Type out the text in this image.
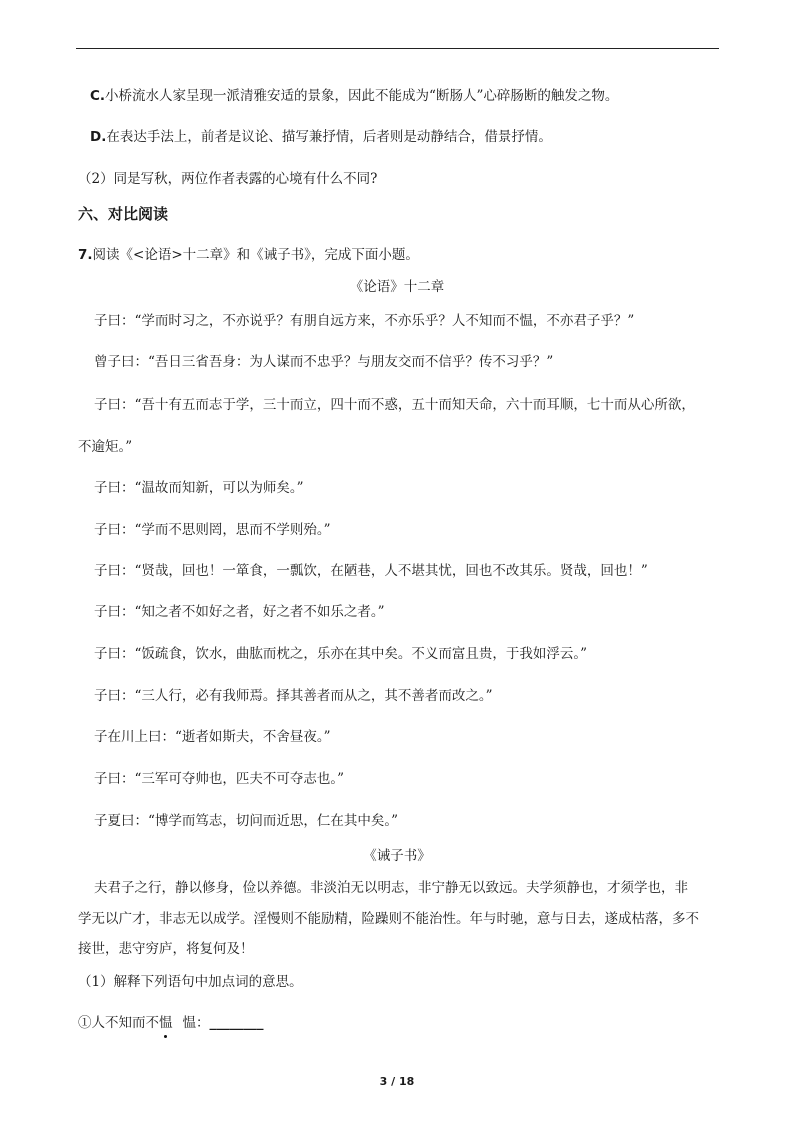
C.小桥流水人家呈现一派清雅安适的景象，因此不能成为“断肠人”心碎肠断的触发之物。
D.在表达手法上，前者是议论、描写兼抒情，后者则是动静结合，借景抒情。
（2）同是写秋，两位作者表露的心境有什么不同?
六、对比阅读
7.阅读《<论语>十二章》和《诫子书》，完成下面小题。
《论语》十二章
子曰：“学而时习之，不亦说乎？有朋自远方来，不亦乐乎？人不知而不愠，不亦君子乎？”
曾子曰：“吾日三省吾身：为人谋而不忠乎？与朋友交而不信乎？传不习乎？”
子曰：“吾十有五而志于学，三十而立，四十而不惑，五十而知天命，六十而耳顺，七十而从心所欲，
不逾矩。”
子曰：“温故而知新，可以为师矣。”
子曰：“学而不思则罔，思而不学则殆。”
子曰：“贤哉，回也！一箪食，一瓢饮，在陋巷，人不堪其忧，回也不改其乐。贤哉，回也！”
子曰：“知之者不如好之者，好之者不如乐之者。”
子曰：“饭疏食，饮水，曲肱而枕之，乐亦在其中矣。不义而富且贵，于我如浮云。”
子曰：“三人行，必有我师焉。择其善者而从之，其不善者而改之。”
子在川上曰：“逝者如斯夫，不舍昼夜。”
子曰：“三军可夺帅也，匹夫不可夺志也。”
子夏曰：“博学而笃志，切问而近思，仁在其中矣。”
《诫子书》
夫君子之行，静以修身，俭以养德。非淡泊无以明志，非宁静无以致远。夫学须静也，才须学也，非
学无以广才，非志无以成学。淫慢则不能励精，险躁则不能治性。年与时驰，意与日去，遂成枯落，多不
接世，悲守穷庐，将复何及！
（1）解释下列语句中加点词的意思。
①人不知而不愠 愠：________
3 / 18
